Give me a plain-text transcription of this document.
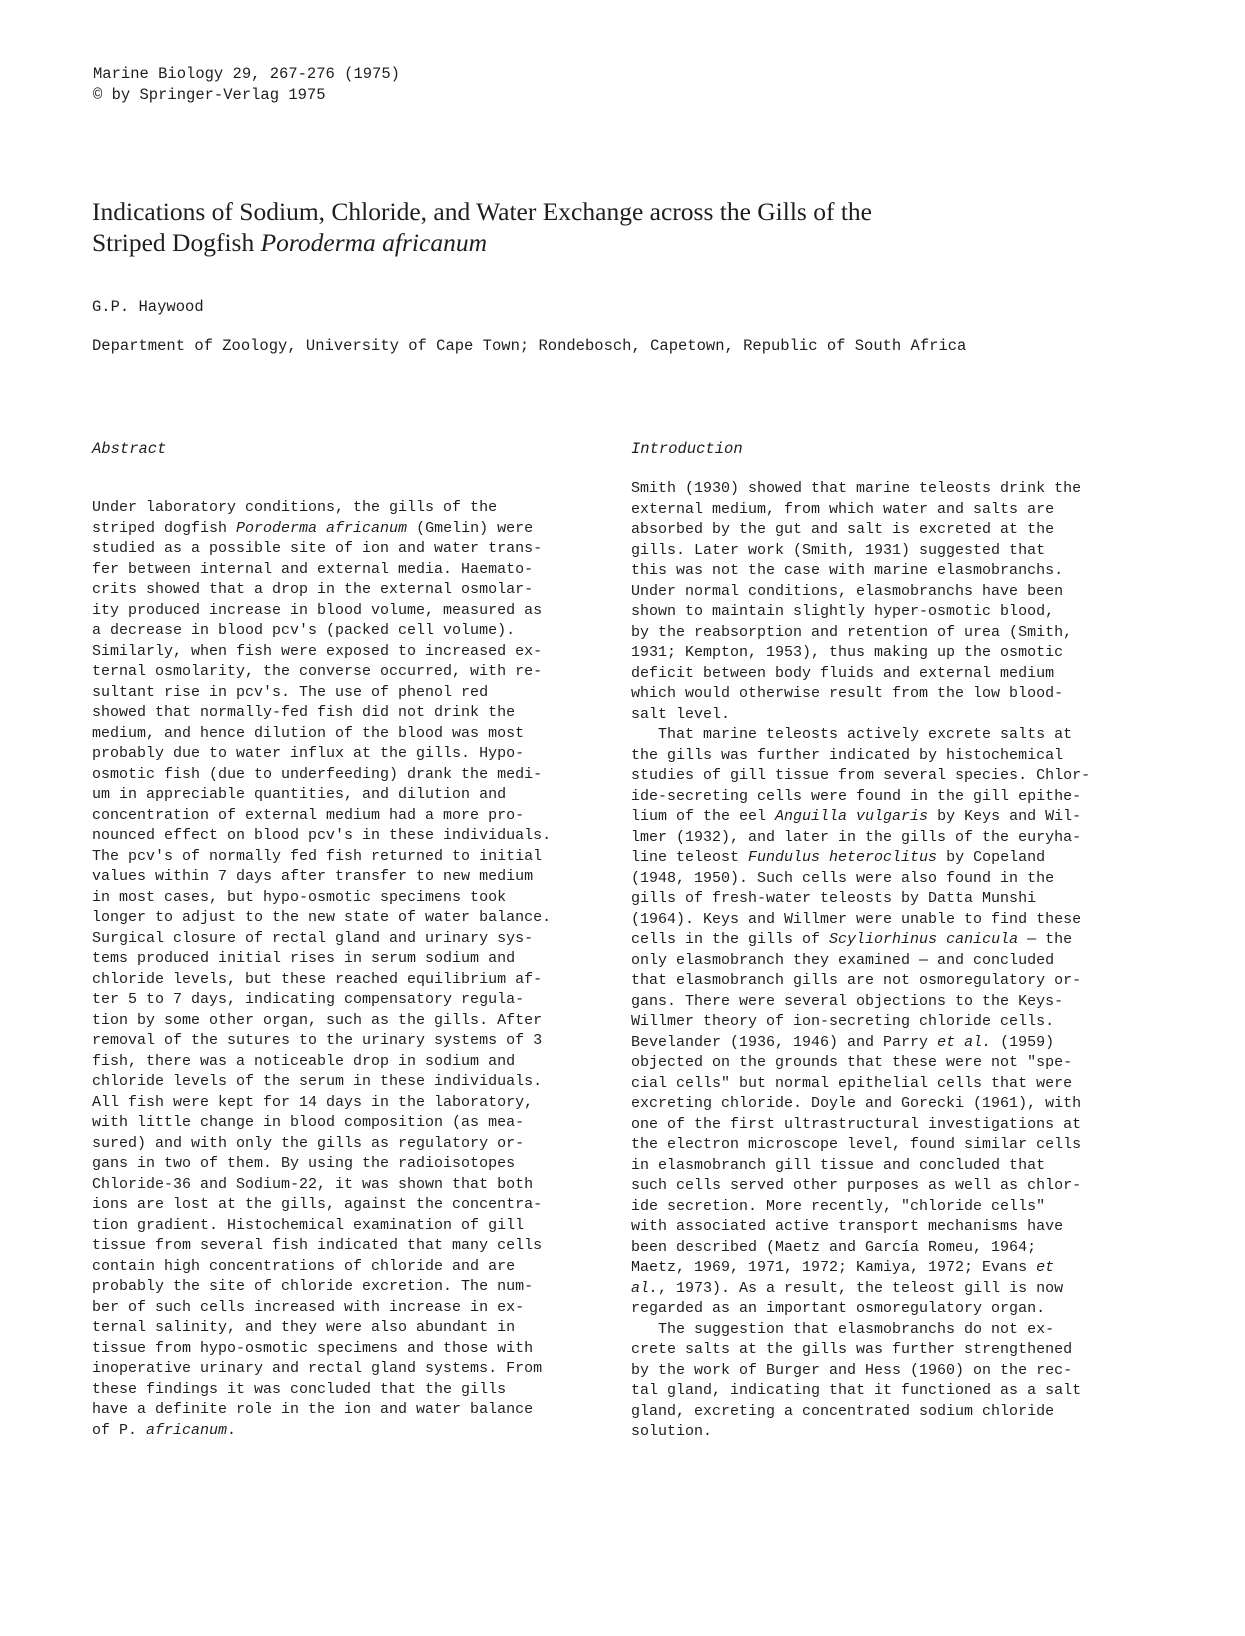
Marine Biology 29, 267-276 (1975)
© by Springer-Verlag 1975
Indications of Sodium, Chloride, and Water Exchange across the Gills of the
Striped Dogfish Poroderma africanum
G.P. Haywood
Department of Zoology, University of Cape Town; Rondebosch, Capetown, Republic of South Africa
Abstract	Introduction
Under laboratory conditions, the gills of the
striped dogfish Poroderma africanum (Gmelin) were
studied as a possible site of ion and water trans-
fer between internal and external media. Haemato-
crits showed that a drop in the external osmolar-
ity produced increase in blood volume, measured as
a decrease in blood pcv's (packed cell volume).
Similarly, when fish were exposed to increased ex-
ternal osmolarity, the converse occurred, with re-
sultant rise in pcv's. The use of phenol red
showed that normally-fed fish did not drink the
medium, and hence dilution of the blood was most
probably due to water influx at the gills. Hypo-
osmotic fish (due to underfeeding) drank the medi-
um in appreciable quantities, and dilution and
concentration of external medium had a more pro-
nounced effect on blood pcv's in these individuals.
The pcv's of normally fed fish returned to initial
values within 7 days after transfer to new medium
in most cases, but hypo-osmotic specimens took
longer to adjust to the new state of water balance.
Surgical closure of rectal gland and urinary sys-
tems produced initial rises in serum sodium and
chloride levels, but these reached equilibrium af-
ter 5 to 7 days, indicating compensatory regula-
tion by some other organ, such as the gills. After
removal of the sutures to the urinary systems of 3
fish, there was a noticeable drop in sodium and
chloride levels of the serum in these individuals.
All fish were kept for 14 days in the laboratory,
with little change in blood composition (as mea-
sured) and with only the gills as regulatory or-
gans in two of them. By using the radioisotopes
Chloride-36 and Sodium-22, it was shown that both
ions are lost at the gills, against the concentra-
tion gradient. Histochemical examination of gill
tissue from several fish indicated that many cells
contain high concentrations of chloride and are
probably the site of chloride excretion. The num-
ber of such cells increased with increase in ex-
ternal salinity, and they were also abundant in
tissue from hypo-osmotic specimens and those with
inoperative urinary and rectal gland systems. From
these findings it was concluded that the gills
have a definite role in the ion and water balance
of P. africanum.
Smith (1930) showed that marine teleosts drink the
external medium, from which water and salts are
absorbed by the gut and salt is excreted at the
gills. Later work (Smith, 1931) suggested that
this was not the case with marine elasmobranchs.
Under normal conditions, elasmobranchs have been
shown to maintain slightly hyper-osmotic blood,
by the reabsorption and retention of urea (Smith,
1931; Kempton, 1953), thus making up the osmotic
deficit between body fluids and external medium
which would otherwise result from the low blood-
salt level.
That marine teleosts actively excrete salts at
the gills was further indicated by histochemical
studies of gill tissue from several species. Chlor-
ide-secreting cells were found in the gill epithe-
lium of the eel Anguilla vulgaris by Keys and Wil-
lmer (1932), and later in the gills of the euryha-
line teleost Fundulus heteroclitus by Copeland
(1948, 1950). Such cells were also found in the
gills of fresh-water teleosts by Datta Munshi
(1964). Keys and Willmer were unable to find these
cells in the gills of Scyliorhinus canicula — the
only elasmobranch they examined — and concluded
that elasmobranch gills are not osmoregulatory or-
gans. There were several objections to the Keys-
Willmer theory of ion-secreting chloride cells.
Bevelander (1936, 1946) and Parry et al. (1959)
objected on the grounds that these were not "spe-
cial cells" but normal epithelial cells that were
excreting chloride. Doyle and Gorecki (1961), with
one of the first ultrastructural investigations at
the electron microscope level, found similar cells
in elasmobranch gill tissue and concluded that
such cells served other purposes as well as chlor-
ide secretion. More recently, "chloride cells"
with associated active transport mechanisms have
been described (Maetz and García Romeu, 1964;
Maetz, 1969, 1971, 1972; Kamiya, 1972; Evans et
al., 1973). As a result, the teleost gill is now
regarded as an important osmoregulatory organ.
The suggestion that elasmobranchs do not ex-
crete salts at the gills was further strengthened
by the work of Burger and Hess (1960) on the rec-
tal gland, indicating that it functioned as a salt
gland, excreting a concentrated sodium chloride
solution.
